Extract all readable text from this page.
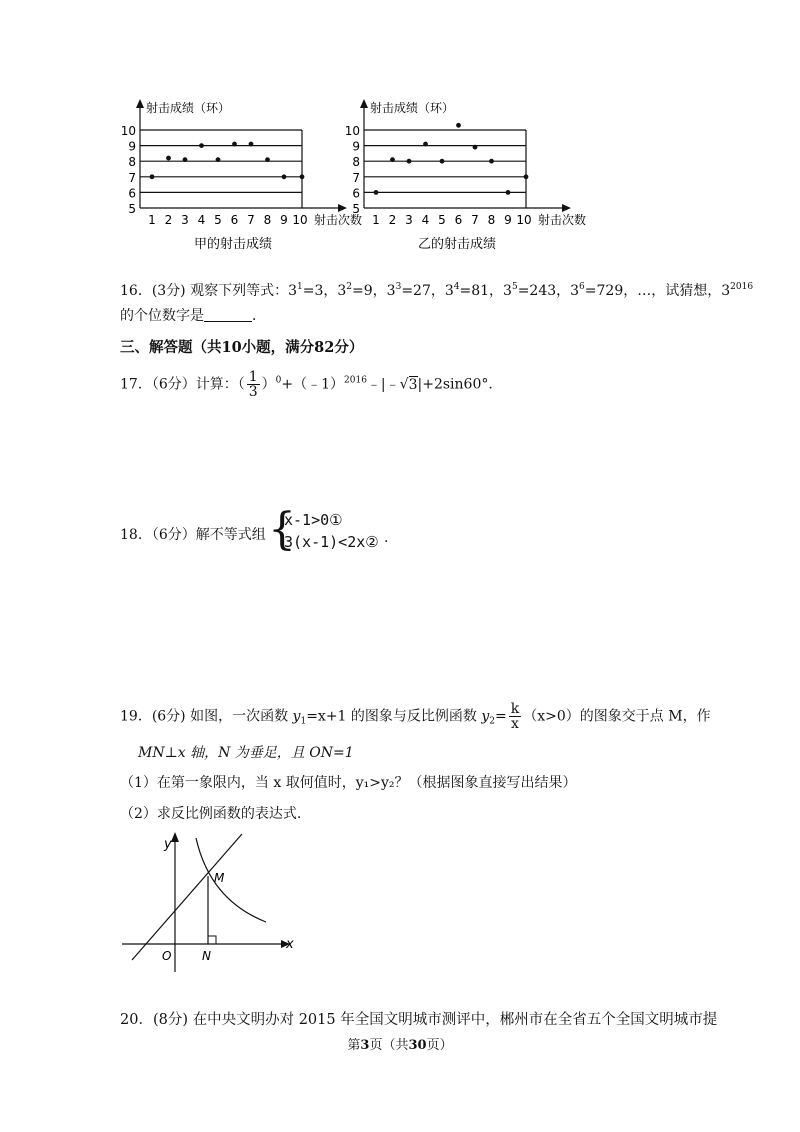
5
6
7
8
9
10
1 2 3 4 5 6 7 8 9 10
射击成绩（环）
射击次数
甲的射击成绩
5
6
7
8
9
10
1 2 3 4 5 6 7 8 9 10
射击成绩（环）
射击次数
乙的射击成绩
16．(3分) 观察下列等式：$3^1=3$，$3^2=9$，$3^3=27$，$3^4=81$，$3^5=243$，$3^6=729$，…，试猜想，$3^{2016}$
的个位数字是	．
三、解答题（共10小题，满分82分）
17．（6分）计算：（ $\frac{1}{3}$ ）$^0$+（﹣1）$^{2016}$﹣|﹣√3|+2sin60°.
18．（6分）解不等式组 {
x-1>0①
3(x-1)<2x② .
19．(6分) 如图，一次函数 $y_1=x+1$ 的图象与反比例函数 $y_2= \frac{k}{x} (x>0)$的图象交于点 M，作
MN⊥x 轴，N 为垂足，且 ON=1
（1）在第一象限内，当 x 取何值时，y₁>y₂？（根据图象直接写出结果）
（2）求反比例函数的表达式.
y
x
O
M
N
20．(8分) 在中央文明办对 2015 年全国文明城市测评中，郴州市在全省五个全国文明城市提
第3页（共30页）
